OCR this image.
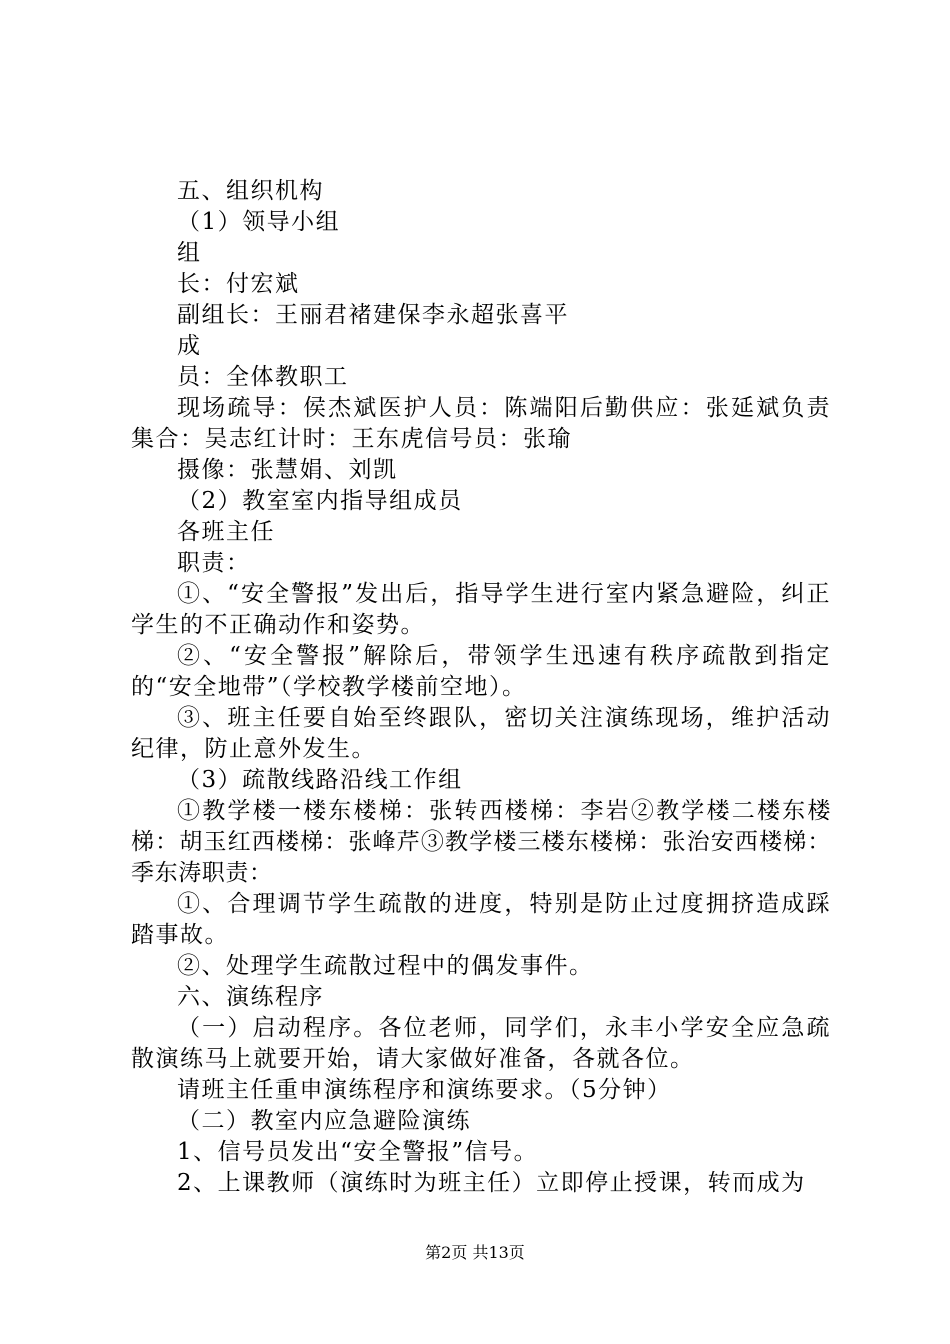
五、组织机构

（1）领导小组

组

长：付宏斌

副组长：王丽君褚建保李永超张喜平

成

员：全体教职工

现场疏导：侯杰斌医护人员：陈端阳后勤供应：张延斌负责集合：吴志红计时：王东虎信号员：张瑜

摄像：张慧娟、刘凯

（2）教室室内指导组成员

各班主任

职责：

①、“安全警报”发出后，指导学生进行室内紧急避险，纠正学生的不正确动作和姿势。

②、“安全警报”解除后，带领学生迅速有秩序疏散到指定的“安全地带”（学校教学楼前空地）。

③、班主任要自始至终跟队，密切关注演练现场，维护活动纪律，防止意外发生。

（3）疏散线路沿线工作组

①教学楼一楼东楼梯：张转西楼梯：李岩②教学楼二楼东楼梯：胡玉红西楼梯：张峰芹③教学楼三楼东楼梯：张治安西楼梯：季东涛职责：

①、合理调节学生疏散的进度，特别是防止过度拥挤造成踩踏事故。

②、处理学生疏散过程中的偶发事件。

六、演练程序

（一）启动程序。各位老师，同学们，永丰小学安全应急疏散演练马上就要开始，请大家做好准备，各就各位。

请班主任重申演练程序和演练要求。（5分钟）

（二）教室内应急避险演练

1、信号员发出“安全警报”信号。

2、上课教师（演练时为班主任）立即停止授课，转而成为

第2页 共13页
